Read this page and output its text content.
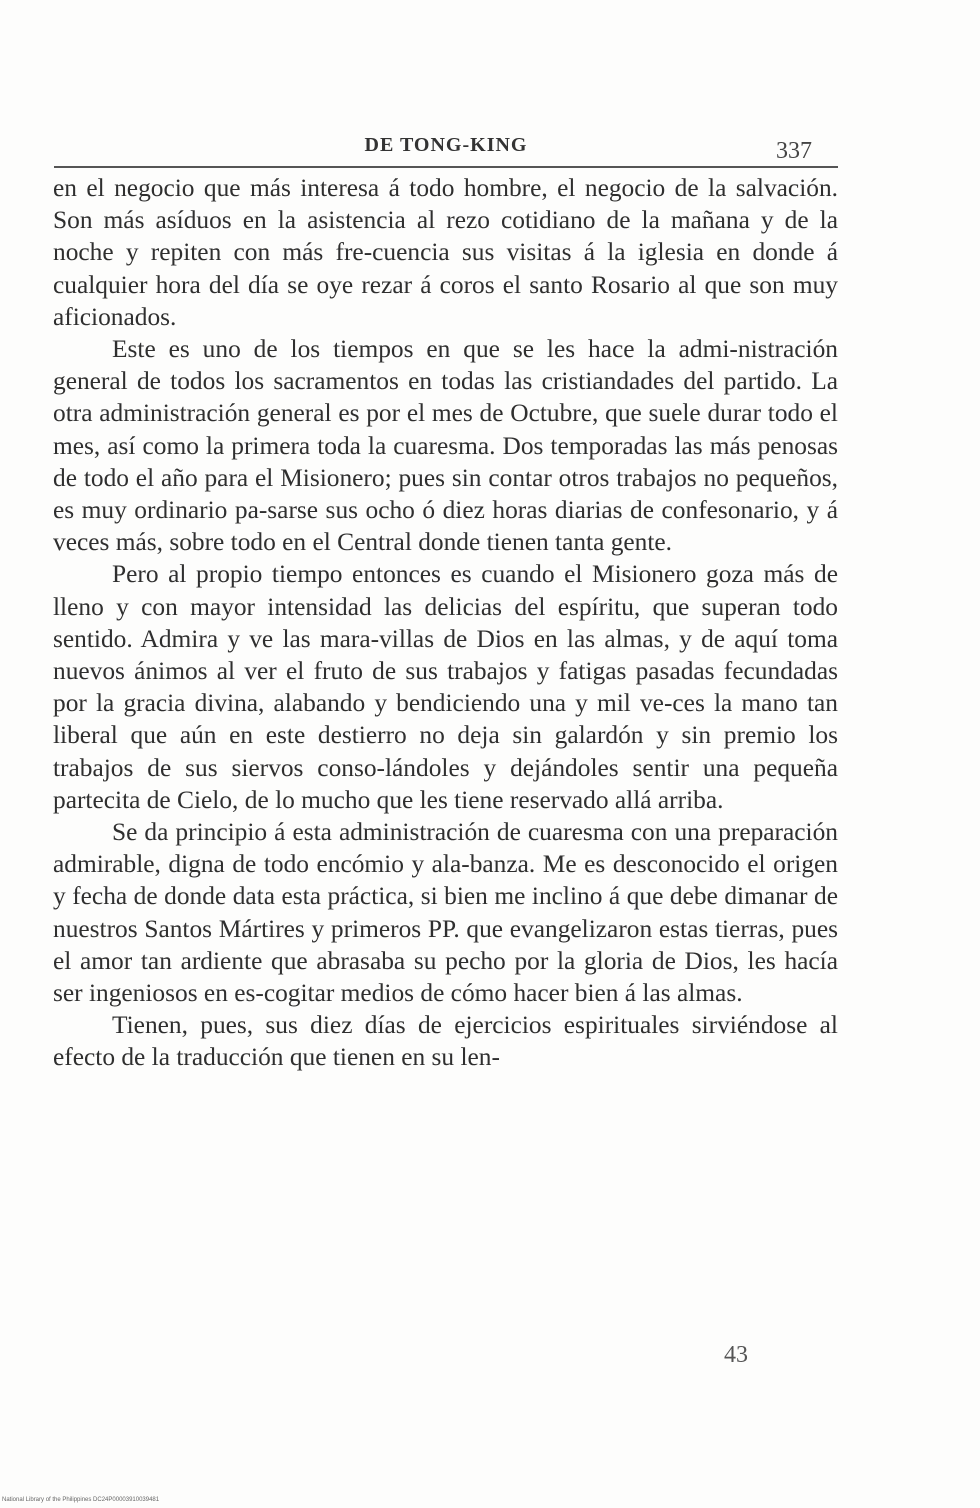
DE TONG-KING	337

en el negocio que más interesa á todo hombre, el negocio de la salvación. Son más asíduos en la asistencia al rezo cotidiano de la mañana y de la noche y repiten con más fre-cuencia sus visitas á la iglesia en donde á cualquier hora del día se oye rezar á coros el santo Rosario al que son muy aficionados.

Este es uno de los tiempos en que se les hace la admi-nistración general de todos los sacramentos en todas las cristiandades del partido. La otra administración general es por el mes de Octubre, que suele durar todo el mes, así como la primera toda la cuaresma. Dos temporadas las más penosas de todo el año para el Misionero; pues sin contar otros trabajos no pequeños, es muy ordinario pa-sarse sus ocho ó diez horas diarias de confesonario, y á veces más, sobre todo en el Central donde tienen tanta gente.

Pero al propio tiempo entonces es cuando el Misionero goza más de lleno y con mayor intensidad las delicias del espíritu, que superan todo sentido. Admira y ve las mara-villas de Dios en las almas, y de aquí toma nuevos ánimos al ver el fruto de sus trabajos y fatigas pasadas fecundadas por la gracia divina, alabando y bendiciendo una y mil ve-ces la mano tan liberal que aún en este destierro no deja sin galardón y sin premio los trabajos de sus siervos conso-lándoles y dejándoles sentir una pequeña partecita de Cielo, de lo mucho que les tiene reservado allá arriba.

Se da principio á esta administración de cuaresma con una preparación admirable, digna de todo encómio y ala-banza. Me es desconocido el origen y fecha de donde data esta práctica, si bien me inclino á que debe dimanar de nuestros Santos Mártires y primeros PP. que evangelizaron estas tierras, pues el amor tan ardiente que abrasaba su pecho por la gloria de Dios, les hacía ser ingeniosos en es-cogitar medios de cómo hacer bien á las almas.

Tienen, pues, sus diez días de ejercicios espirituales sirviéndose al efecto de la traducción que tienen en su len-

43
National Library of the Philippines DC24P00003910039481
